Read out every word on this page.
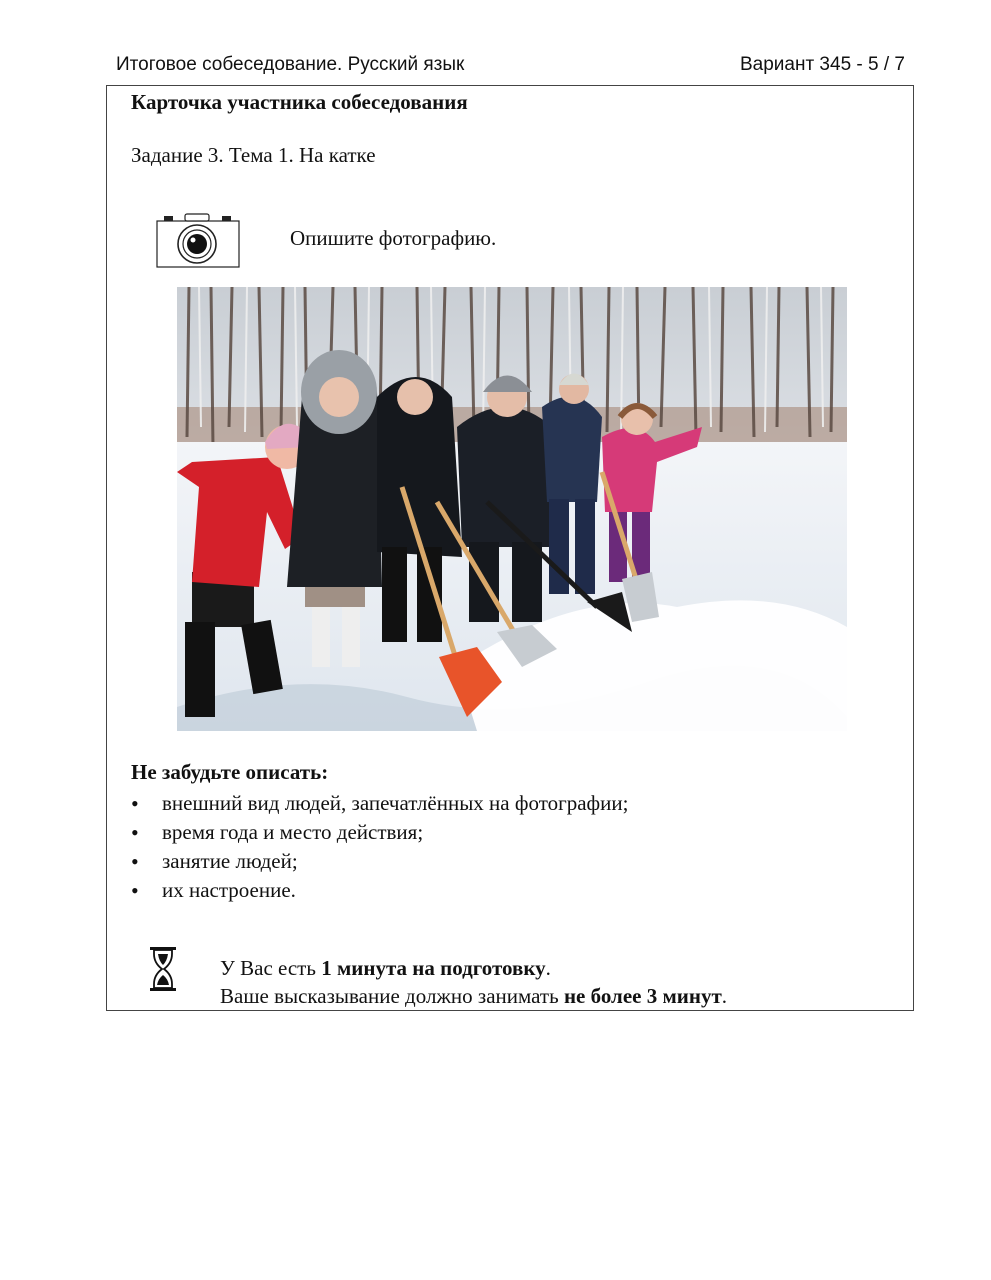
Итоговое собеседование. Русский язык	Вариант 345 - 5 / 7
Карточка участника собеседования
Задание 3. Тема 1. На катке
Опишите фотографию.
Не забудьте описать:
• внешний вид людей, запечатлённых на фотографии;
• время года и место действия;
• занятие людей;
• их настроение.
У Вас есть 1 минута на подготовку.
Ваше высказывание должно занимать не более 3 минут.
